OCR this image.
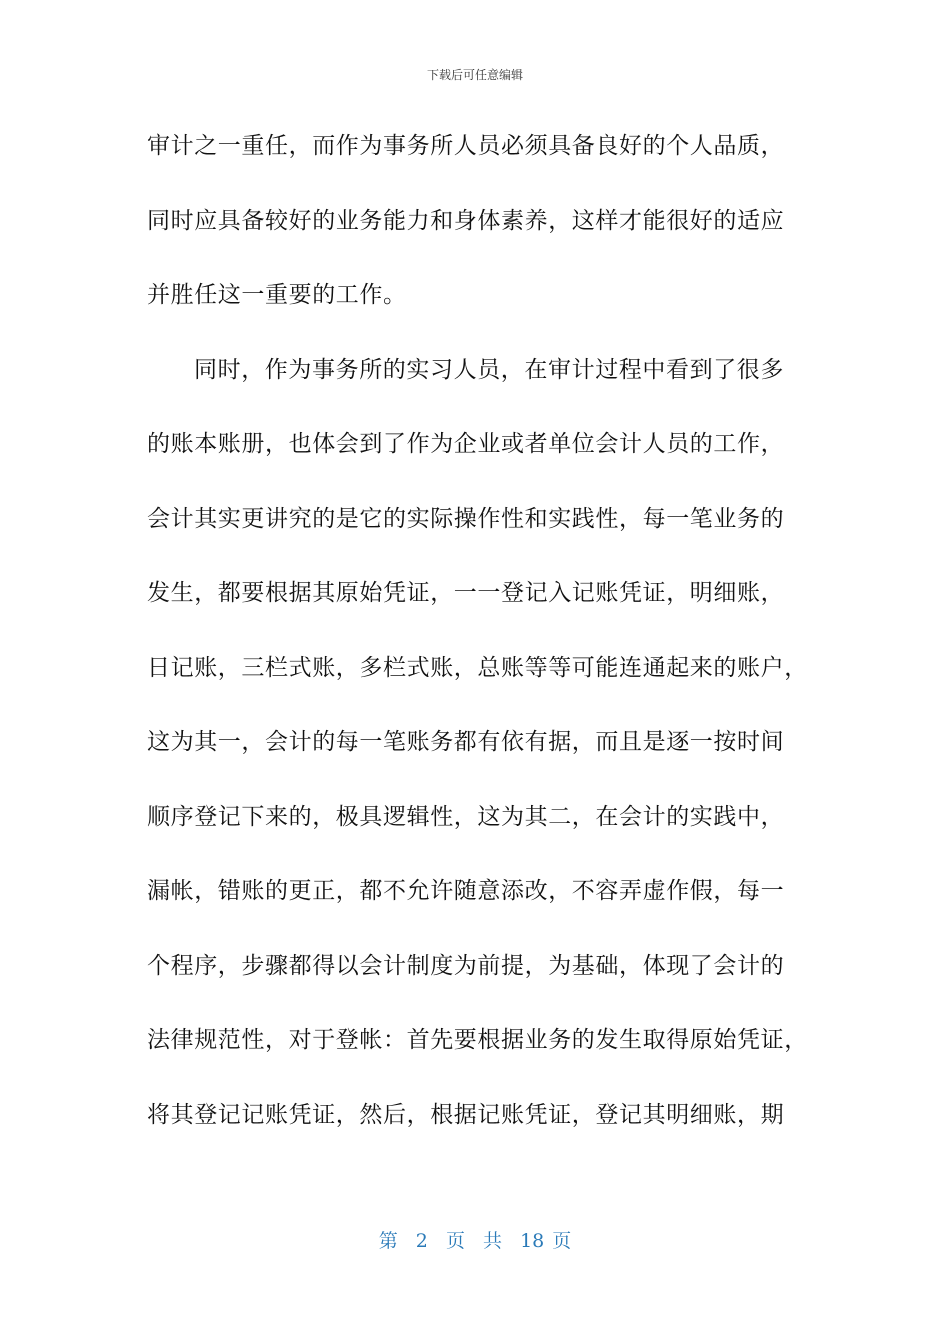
下载后可任意编辑
审计之一重任，而作为事务所人员必须具备良好的个人品质，
同时应具备较好的业务能力和身体素养，这样才能很好的适应
并胜任这一重要的工作。
同时，作为事务所的实习人员，在审计过程中看到了很多
的账本账册，也体会到了作为企业或者单位会计人员的工作，
会计其实更讲究的是它的实际操作性和实践性，每一笔业务的
发生，都要根据其原始凭证，一一登记入记账凭证，明细账，
日记账，三栏式账，多栏式账，总账等等可能连通起来的账户，
这为其一，会计的每一笔账务都有依有据，而且是逐一按时间
顺序登记下来的，极具逻辑性，这为其二，在会计的实践中，
漏帐，错账的更正，都不允许随意添改，不容弄虚作假，每一
个程序，步骤都得以会计制度为前提，为基础，体现了会计的
法律规范性，对于登帐：首先要根据业务的发生取得原始凭证，
将其登记记账凭证，然后，根据记账凭证，登记其明细账，期
第 2 页 共 18 页
